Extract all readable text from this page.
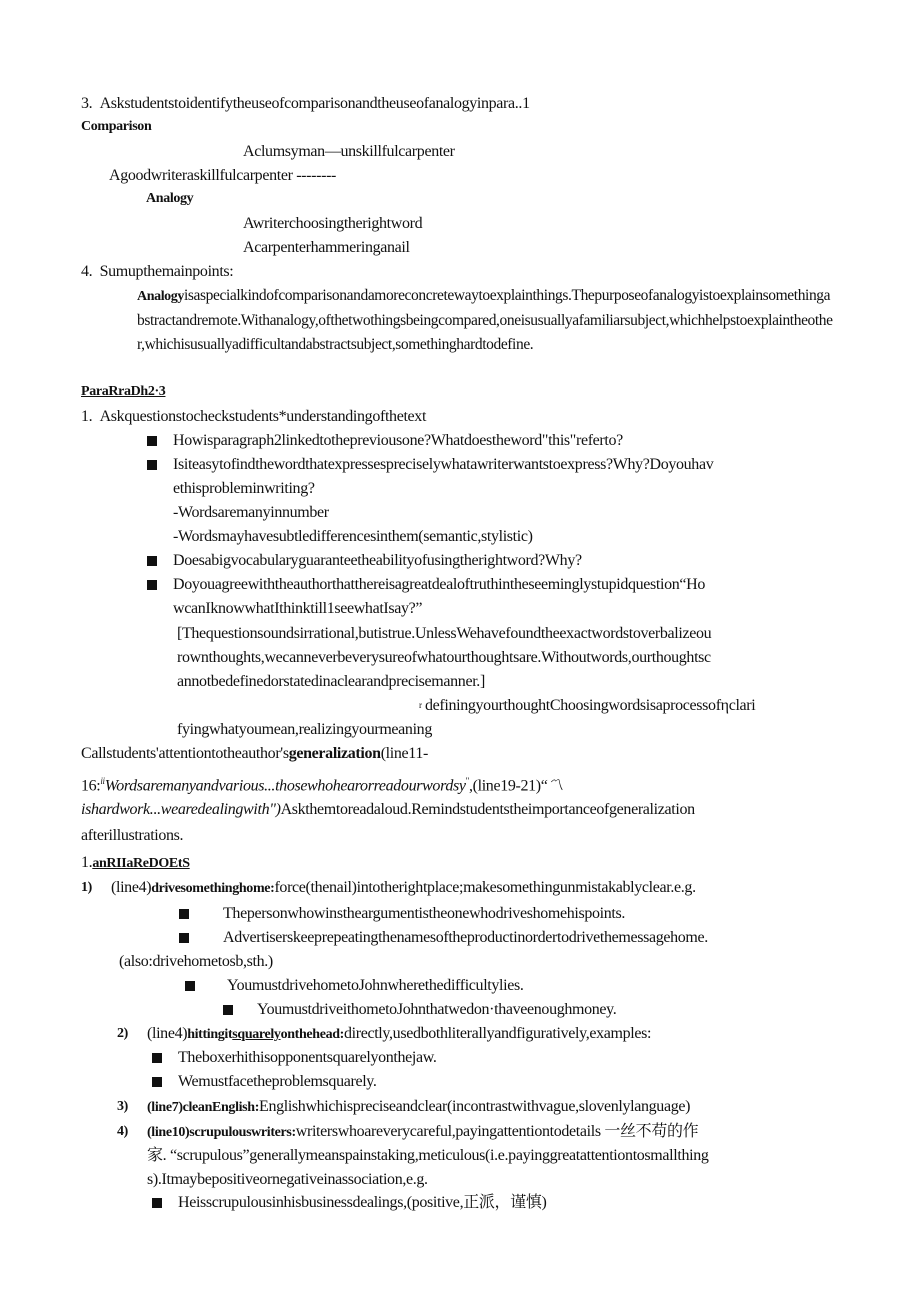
3.  Askstudentstoidentifytheuseofcomparisonandtheuseofanalogyinpara..1
Comparison
Aclumsyman—unskillfulcarpenter
Agoodwriteraskillfulcarpenter --------
Analogy
Awriterchoosingtherightword
Acarpenterhammeringanail
4.  Sumupthemainpoints:
Analogyisaspecialkindofcomparisonandamoreconcretewaytoexplainthings.Thepurposeofanalogyistoexplainsomethingabstractandremote.Withanalogy,ofthetwothingsbeingcompared,oneisusuallyafamiliarsubject,whichhelpstoexplaintheother,whichisusuallyadifficultandabstractsubject,somethinghardtodefine.
ParaRraDh2·3
1.  Askquestionstocheckstudents*understandingofthetext
Howisparagraph2linkedtothepreviousone?Whatdoestheword"this"referto?
Isiteasytofindthewordthatexpressespreciselywhatawriterwantstoexpress?Why?Doyouhav
ethisprobleminwriting?
-Wordsaremanyinnumber
-Wordsmayhavesubtledifferencesinthem(semantic,stylistic)
Doesabigvocabularyguaranteetheabilityofusingtherightword?Why?
Doyouagreewiththeauthorthatthereisagreatdealoftruthintheseeminglystupidquestion“Ho
wcanIknowwhatIthinktill1seewhatIsay?”
[Thequestionsoundsirrational,butistrue.UnlessWehavefoundtheexactwordstoverbalizeou
rownthoughts,wecanneverbeverysureofwhatourthoughtsare.Withoutwords,ourthoughtsc
annotbedefinedorstatedinaclearandprecisemanner.]
r definingyourthoughtChoosingwordsisaprocessofηclari
fyingwhatyoumean,realizingyourmeaning
Callstudents'attentiontotheauthor'sgeneralization(line11-
16:$^{ii}$Wordsaremanyandvarious...thosewhohearorreadourwordsy",(line19-21)“〽
ishardwork...wearedealingwith")Askthemtoreadaloud.Remindstudentstheimportanceofgeneralization
afterillustrations.
1.anRIIaReDOEtS
1) (line4)drivesomethinghome:force(thenail)intotherightplace;makesomethingunmistakablyclear.e.g.
Thepersonwhowinstheargumentistheonewhodriveshomehispoints.
Advertiserskeeprepeatingthenamesoftheproductinordertodrivethemessagehome.
(also:drivehometosb,sth.)
YoumustdrivehometoJohnwherethedifficultylies.
YoumustdriveithometoJohnthatwedon·thaveenoughmoney.
2) (line4)hittingitsquarelyonthehead:directly,usedbothliterallyandfiguratively,examples:
Theboxerhithisopponentsquarelyonthejaw.
Wemustfacetheproblemsquarely.
3) (line7)cleanEnglish:Englishwhichispreciseandclear(incontrastwithvague,slovenlylanguage)
4) (line10)scrupulouswriters:writerswhoareverycareful,payingattentiontodetails 一丝不苟的作
家. “scrupulous”generallymeanspainstaking,meticulous(i.e.payinggreatattentiontosmallthing
s).Itmaybepositiveornegativeinassociation,e.g.
Heisscrupulousinhisbusinessdealings,(positive,正派，谨慎)
